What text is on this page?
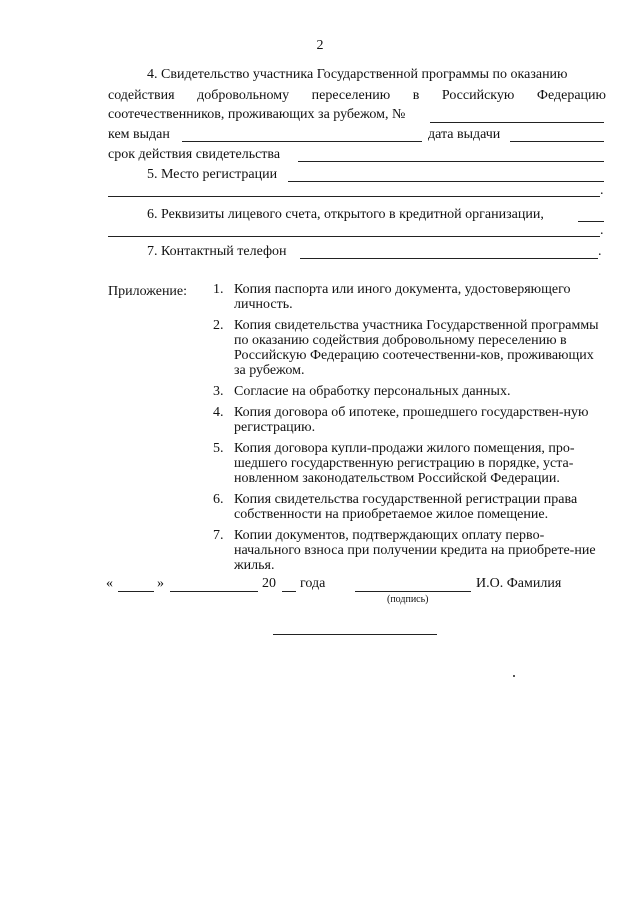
2
4. Свидетельство участника Государственной программы по оказанию
содействия добровольному переселению в Российскую Федерацию
соотечественников, проживающих за рубежом, №
кем выдан	дата выдачи
срок действия свидетельства
5. Место регистрации
.
6. Реквизиты лицевого счета, открытого в кредитной организации,
.
7. Контактный телефон	.
Приложение: 1. Копия паспорта или иного документа, удостоверяющего личность.
2. Копия свидетельства участника Государственной программы по оказанию содействия добровольному переселению в Российскую Федерацию соотечественни-ков, проживающих за рубежом.
3. Согласие на обработку персональных данных.
4. Копия договора об ипотеке, прошедшего государствен-ную регистрацию.
5. Копия договора купли-продажи жилого помещения, про-шедшего государственную регистрацию в порядке, уста-новленном законодательством Российской Федерации.
6. Копия свидетельства государственной регистрации права собственности на приобретаемое жилое помещение.
7. Копии документов, подтверждающих оплату перво-начального взноса при получении кредита на приобрете-ние жилья.
«	»	20 года
(подпись)
И.О. Фамилия
